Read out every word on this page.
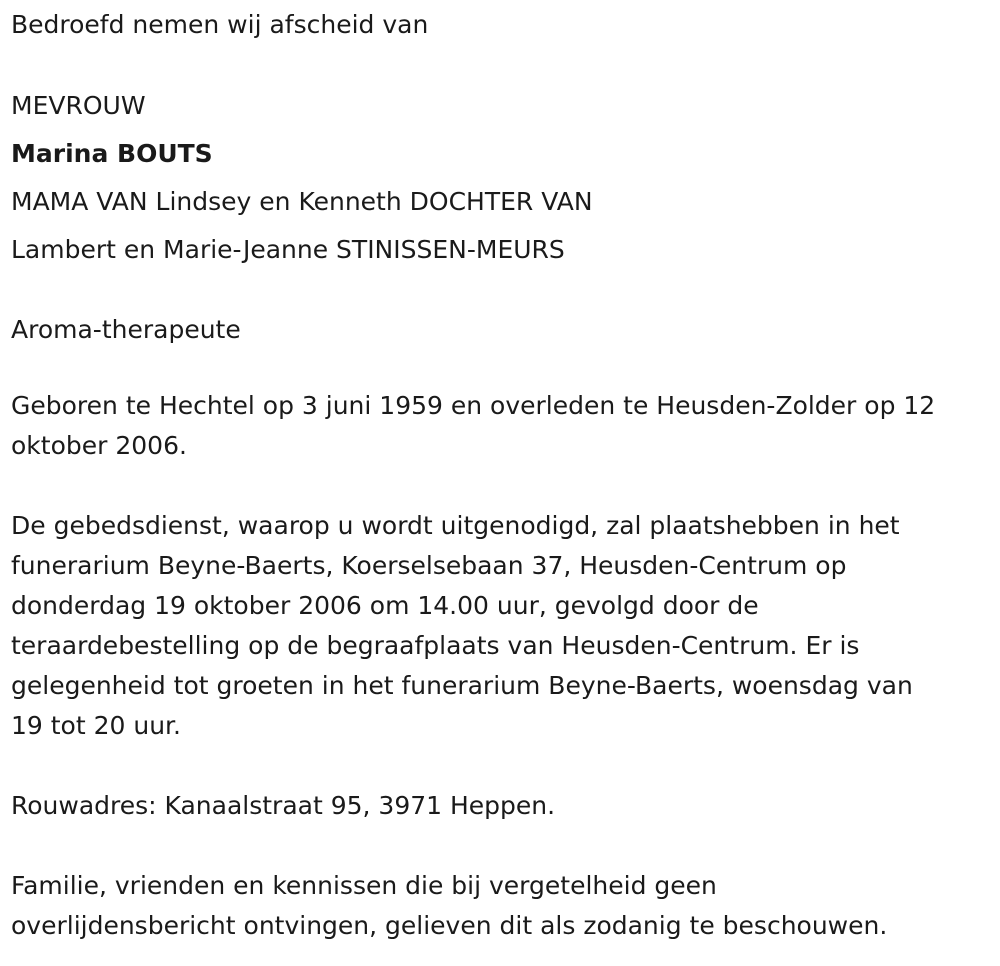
Bedroefd nemen wij afscheid van
MEVROUW
Marina BOUTS
MAMA VAN Lindsey en Kenneth DOCHTER VAN
Lambert en Marie-Jeanne STINISSEN-MEURS
Aroma-therapeute
Geboren te Hechtel op 3 juni 1959 en overleden te Heusden-Zolder op 12
oktober 2006.
De gebedsdienst, waarop u wordt uitgenodigd, zal plaatshebben in het
funerarium Beyne-Baerts, Koerselsebaan 37, Heusden-Centrum op
donderdag 19 oktober 2006 om 14.00 uur, gevolgd door de
teraardebestelling op de begraafplaats van Heusden-Centrum. Er is
gelegenheid tot groeten in het funerarium Beyne-Baerts, woensdag van
19 tot 20 uur.
Rouwadres: Kanaalstraat 95, 3971 Heppen.
Familie, vrienden en kennissen die bij vergetelheid geen
overlijdensbericht ontvingen, gelieven dit als zodanig te beschouwen.
